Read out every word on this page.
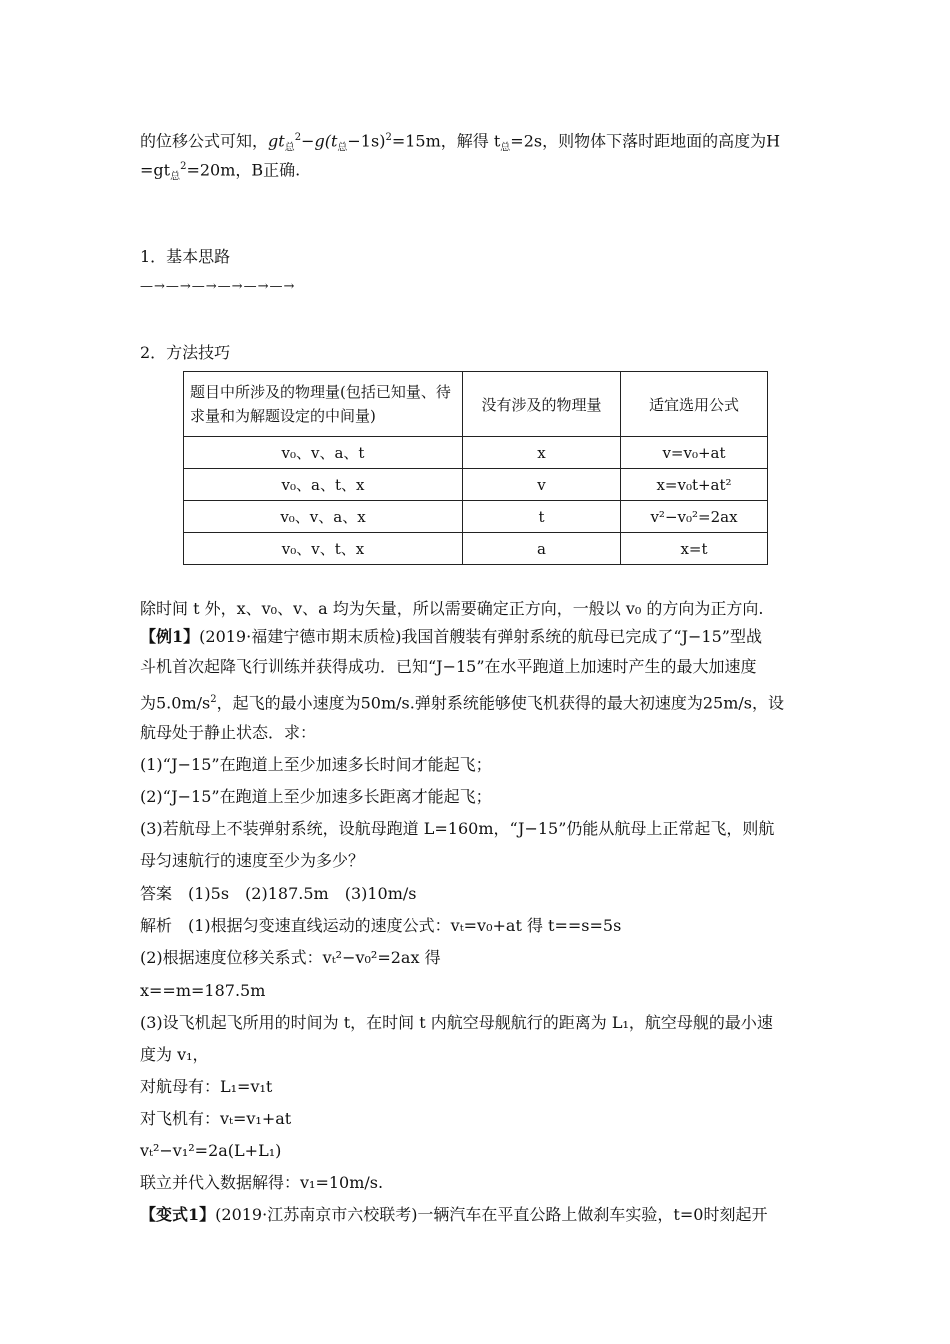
的位移公式可知，$gt_总^2-g(t_总-1s)^2=15m$，解得 $t_总=2s$，则物体下落时距地面的高度为H
$=gt_总^2=20m$，B正确.
1．基本思路
—→—→—→—→—→—→
2．方法技巧
题目中所涉及的物理量(包括已知量、待求量和为解题设定的中间量)	没有涉及的物理量	适宜选用公式
v₀、v、a、t	x	v=v₀+at
v₀、a、t、x	v	x=v₀t+at²
v₀、v、a、x	t	v²−v₀²=2ax
v₀、v、t、x	a	x=t
除时间 t 外，x、v₀、v、a 均为矢量，所以需要确定正方向，一般以 v₀ 的方向为正方向.
【例1】(2019·福建宁德市期末质检)我国首艘装有弹射系统的航母已完成了“J−15”型战
斗机首次起降飞行训练并获得成功．已知“J−15”在水平跑道上加速时产生的最大加速度
为$5.0m/s^2$，起飞的最小速度为50m/s.弹射系统能够使飞机获得的最大初速度为25m/s，设
航母处于静止状态．求：
(1)“J−15”在跑道上至少加速多长时间才能起飞；
(2)“J−15”在跑道上至少加速多长距离才能起飞；
(3)若航母上不装弹射系统，设航母跑道 L=160m，“J−15”仍能从航母上正常起飞，则航
母匀速航行的速度至少为多少？
答案　(1)5s　(2)187.5m　(3)10m/s
解析　(1)根据匀变速直线运动的速度公式：vₜ=v₀+at 得 t==s=5s
(2)根据速度位移关系式：vₜ²−v₀²=2ax 得
x==m=187.5m
(3)设飞机起飞所用的时间为 t，在时间 t 内航空母舰航行的距离为 L₁，航空母舰的最小速
度为 v₁，
对航母有：L₁=v₁t
对飞机有：vₜ=v₁+at
vₜ²−v₁²=2a(L+L₁)
联立并代入数据解得：v₁=10m/s.
【变式1】(2019·江苏南京市六校联考)一辆汽车在平直公路上做刹车实验，t=0时刻起开
